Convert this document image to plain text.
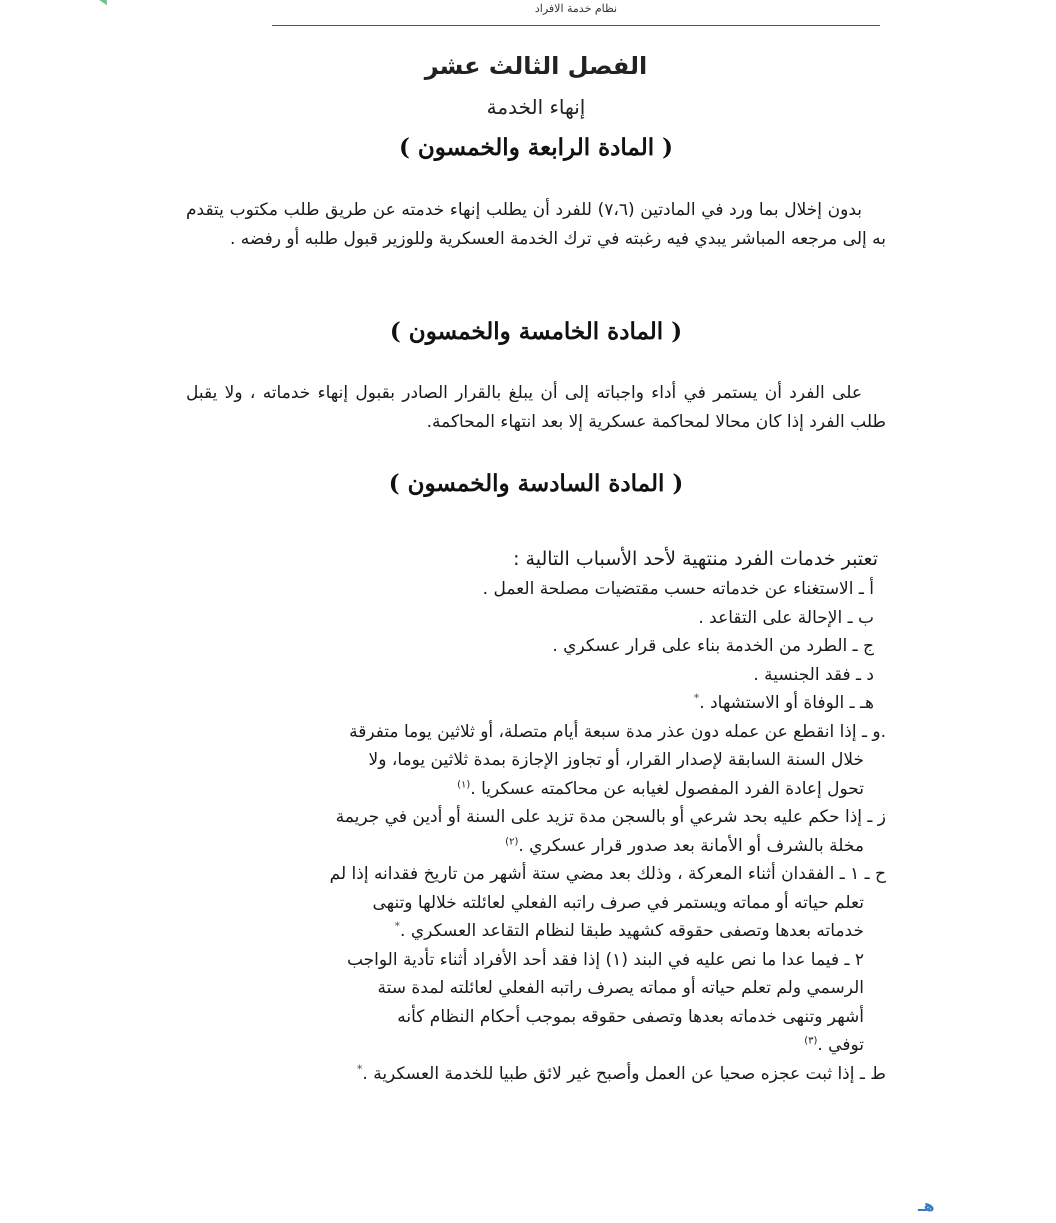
نظام خدمة الافراد
الفصل الثالث عشر
إنهاء الخدمة
( المادة الرابعة والخمسون )
بدون إخلال بما ورد في المادتين (٧،٦) للفرد أن يطلب إنهاء خدمته عن طريق طلب مكتوب يتقدم به إلى مرجعه المباشر يبدي فيه رغبته في ترك الخدمة العسكرية وللوزير قبول طلبه أو رفضه .
( المادة الخامسة والخمسون )
على الفرد أن يستمر في أداء واجباته إلى أن يبلغ بالقرار الصادر بقبول إنهاء خدماته ، ولا يقبل طلب الفرد إذا كان محالا لمحاكمة عسكرية إلا بعد انتهاء المحاكمة.
( المادة السادسة والخمسون )
تعتبر خدمات الفرد منتهية لأحد الأسباب التالية :
أ ـ الاستغناء عن خدماته حسب مقتضيات مصلحة العمل .
ب ـ الإحالة على التقاعد .
ج ـ الطرد من الخدمة بناء على قرار عسكري .
د ـ فقد الجنسية .
هـ ـ الوفاة أو الاستشهاد .*
.و ـ إذا انقطع عن عمله دون عذر مدة سبعة أيام متصلة، أو ثلاثين يوما متفرقة
خلال السنة السابقة لإصدار القرار، أو تجاوز الإجازة بمدة ثلاثين يوما، ولا
تحول إعادة الفرد المفصول لغيابه عن محاكمته عسكريا .$^{(١)}$
ز ـ إذا حكم عليه بحد شرعي أو بالسجن مدة تزيد على السنة أو أدين في جريمة
مخلة بالشرف أو الأمانة بعد صدور قرار عسكري .$^{(٢)}$
ح ـ ١ ـ الفقدان أثناء المعركة ، وذلك بعد مضي ستة أشهر من تاريخ فقدانه إذا لم
تعلم حياته أو مماته ويستمر في صرف راتبه الفعلي لعائلته خلالها وتنهى
خدماته بعدها وتصفى حقوقه كشهيد طبقا لنظام التقاعد العسكري .*
٢ ـ فيما عدا ما نص عليه في البند (١) إذا فقد أحد الأفراد أثناء تأدية الواجب
الرسمي ولم تعلم حياته أو مماته يصرف راتبه الفعلي لعائلته لمدة ستة
أشهر وتنهى خدماته بعدها وتصفى حقوقه بموجب أحكام النظام كأنه
توفي .$^{(٣)}$
ط ـ إذا ثبت عجزه صحيا عن العمل وأصبح غير لائق طبيا للخدمة العسكرية .*
هـ
